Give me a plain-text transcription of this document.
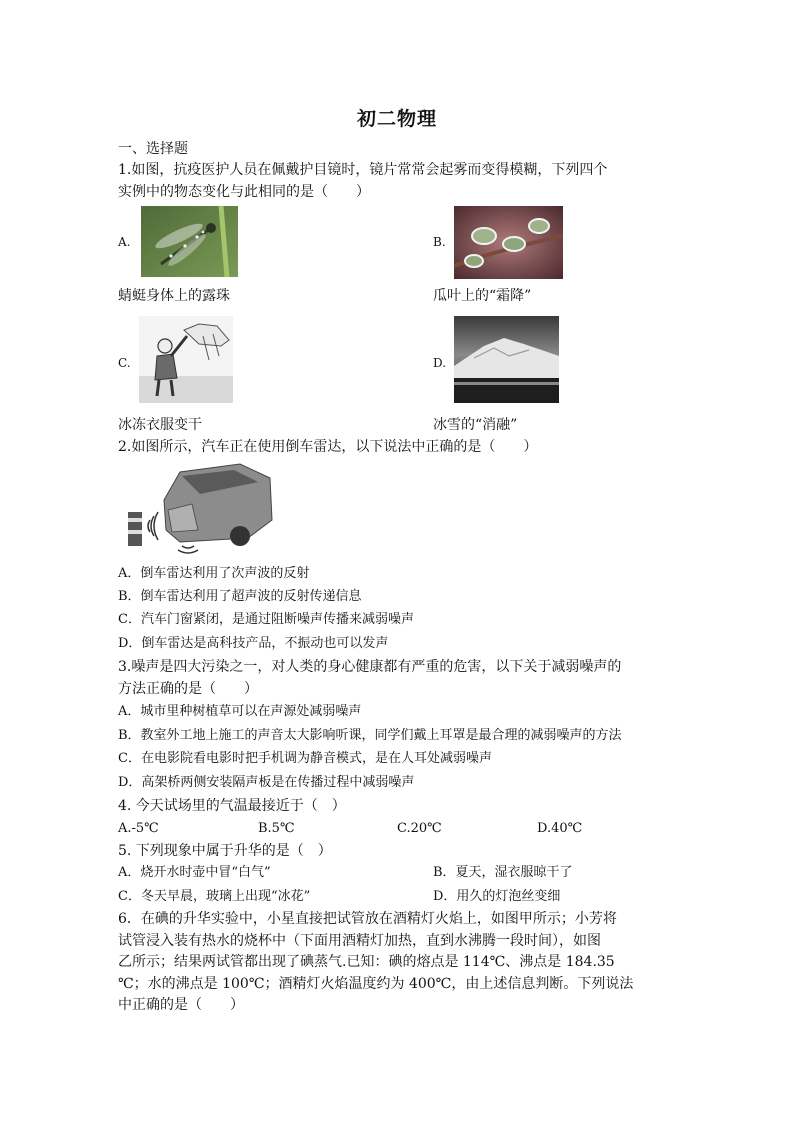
初二物理
一、选择题
1.如图，抗疫医护人员在佩戴护目镜时，镜片常常会起雾而变得模糊，下列四个
实例中的物态变化与此相同的是（　　）
A.
蜻蜓身体上的露珠
B.
瓜叶上的“霜降”
C.
冰冻衣服变干
D.
冰雪的“消融”
2.如图所示，汽车正在使用倒车雷达，以下说法中正确的是（　　）
A．倒车雷达利用了次声波的反射
B．倒车雷达利用了超声波的反射传递信息
C．汽车门窗紧闭，是通过阻断噪声传播来减弱噪声
D．倒车雷达是高科技产品，不振动也可以发声
3.噪声是四大污染之一，对人类的身心健康都有严重的危害，以下关于减弱噪声的
方法正确的是（　　）
A．城市里种树植草可以在声源处减弱噪声
B．教室外工地上施工的声音太大影响听课，同学们戴上耳罩是最合理的减弱噪声的方法
C．在电影院看电影时把手机调为静音模式，是在人耳处减弱噪声
D．高架桥两侧安装隔声板是在传播过程中减弱噪声
4. 今天试场里的气温最接近于（　）
A.-5℃	B.5℃	C.20℃	D.40℃
5. 下列现象中属于升华的是（　）
A．烧开水时壶中冒“白气”	B．夏天，湿衣服晾干了
C．冬天早晨，玻璃上出现“冰花”	D．用久的灯泡丝变细
6．在碘的升华实验中，小星直接把试管放在酒精灯火焰上，如图甲所示；小芳将
试管浸入装有热水的烧杯中（下面用酒精灯加热，直到水沸腾一段时间），如图
乙所示；结果两试管都出现了碘蒸气.已知：碘的熔点是 114℃、沸点是 184.35
℃；水的沸点是 100℃；酒精灯火焰温度约为 400℃，由上述信息判断。下列说法
中正确的是（　　）
